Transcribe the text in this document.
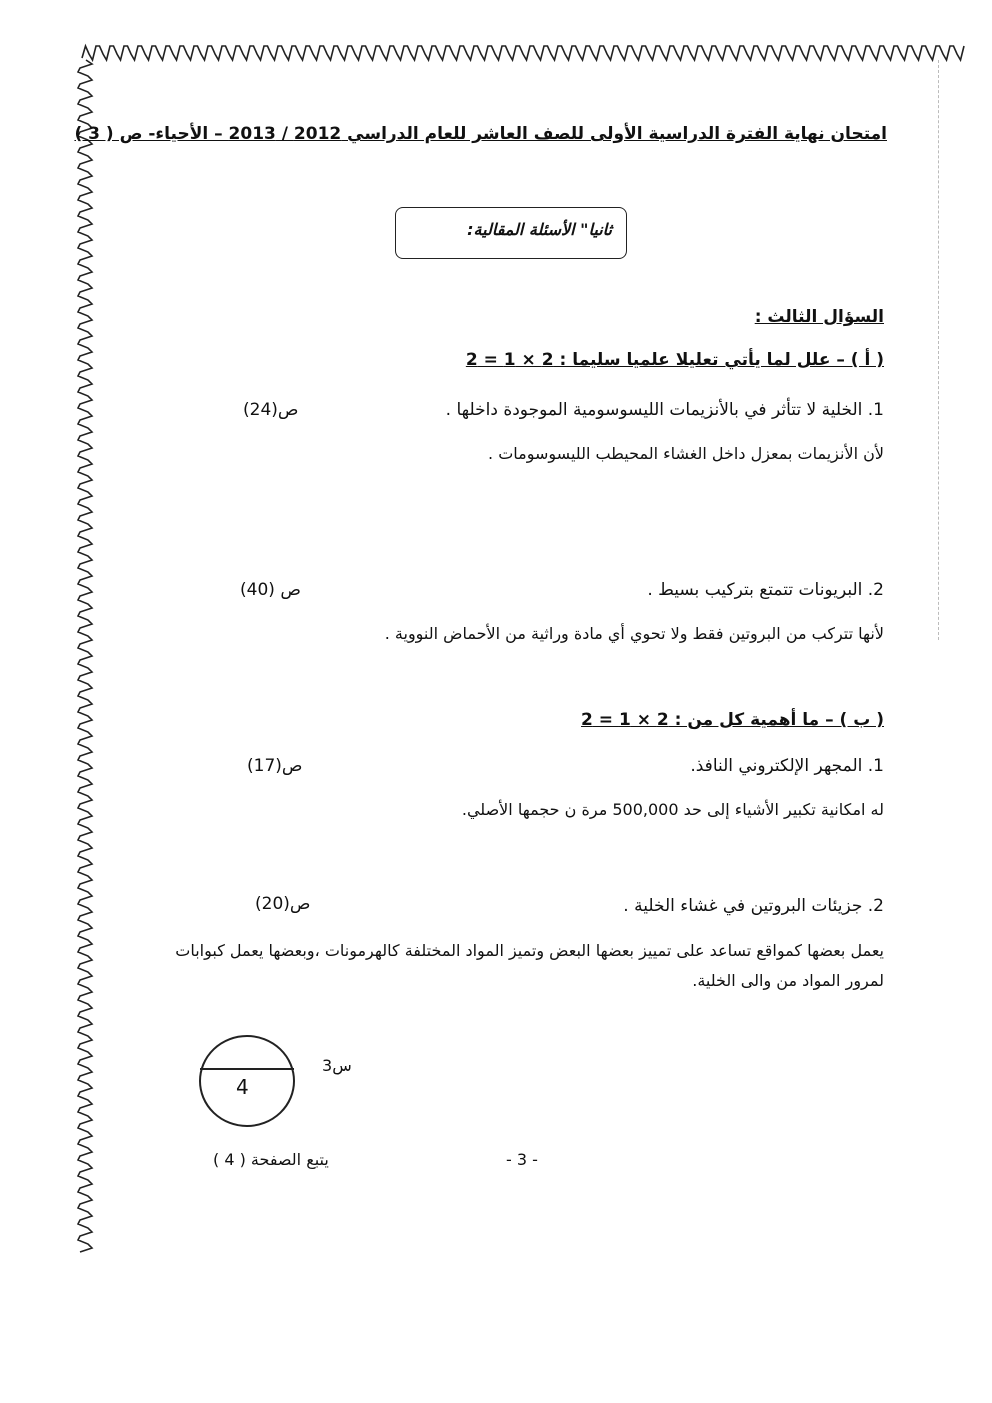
امتحان نهاية الفترة الدراسية الأولى للصف العاشر للعام الدراسي 2012 / 2013 – الأحياء- ص ( 3 )
ثانيا" الأسئلة المقالية:
السؤال الثالث :
( أ ) – علل لما يأتي تعليلا علميا سليما : 2 × 1 = 2
1. الخلية لا تتأثر في بالأنزيمات الليسوسومية الموجودة داخلها .
ص(24)
لأن الأنزيمات بمعزل داخل الغشاء المحيطب الليسوسومات .
2. البريونات تتمتع بتركيب بسيط .
ص (40)
لأنها تتركب من البروتين فقط ولا تحوي أي مادة وراثية من الأحماض النووية .
( ب ) – ما أهمية كل من : 2 × 1 = 2
1. المجهر الإلكتروني النافذ.
ص(17)
له امكانية تكبير الأشياء إلى حد 500,000 مرة ن حجمها الأصلي.
2. جزيئات البروتين في غشاء الخلية .
ص(20)
يعمل بعضها كمواقع تساعد على تمييز بعضها البعض وتميز المواد المختلفة كالهرمونات ،وبعضها يعمل كبوابات لمرور المواد من والى الخلية.
4
س3
يتبع الصفحة ( 4 )	- 3 -
